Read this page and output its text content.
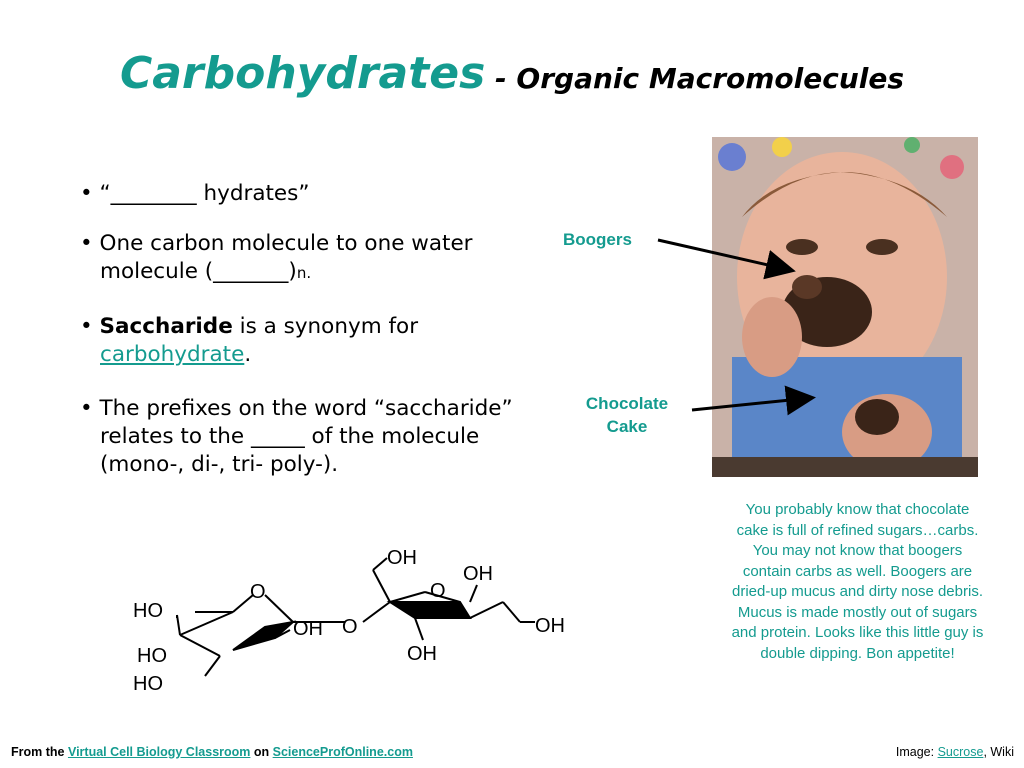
Carbohydrates - Organic Macromolecules
• “________ hydrates”
• One carbon molecule to one water molecule (_______)n.
• Saccharide is a synonym for carbohydrate.
• The prefixes on the word “saccharide” relates to the _____ of the molecule (mono-, di-, tri- poly-).
HO
O
OH
HO
HO
O
OH
O
OH
OH
OH
Boogers
Chocolate
Cake
You probably know that chocolate cake is full of refined sugars…carbs. You may not know that boogers contain carbs as well. Boogers are dried-up mucus and dirty nose debris. Mucus is made mostly out of sugars and protein. Looks like this little guy is double dipping. Bon appetite!
From the Virtual Cell Biology Classroom on ScienceProfOnline.com	Image: Sucrose, Wiki
